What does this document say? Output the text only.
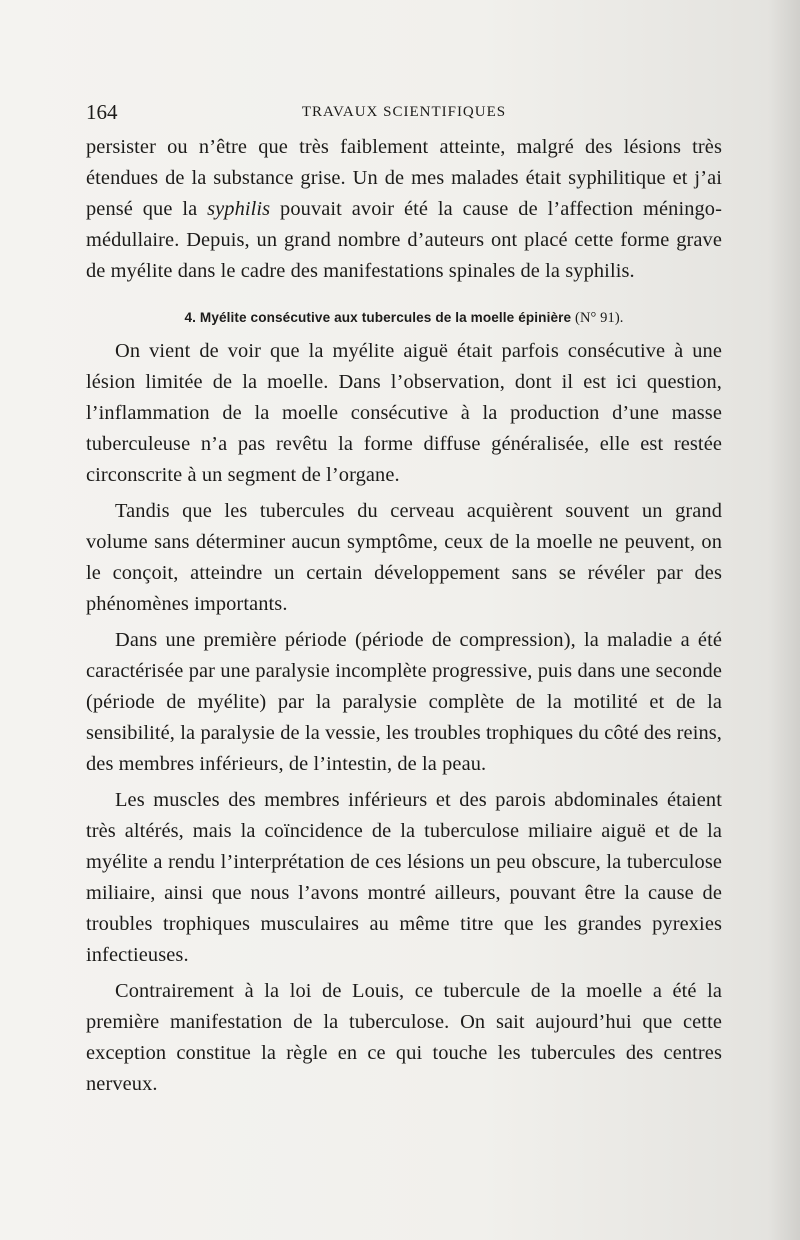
164	TRAVAUX SCIENTIFIQUES

persister ou n’être que très faiblement atteinte, malgré des lésions très étendues de la substance grise. Un de mes malades était syphilitique et j’ai pensé que la syphilis pouvait avoir été la cause de l’affection méningo-médullaire. Depuis, un grand nombre d’auteurs ont placé cette forme grave de myélite dans le cadre des manifestations spinales de la syphilis.

4. Myélite consécutive aux tubercules de la moelle épinière (N° 91).

On vient de voir que la myélite aiguë était parfois consécutive à une lésion limitée de la moelle. Dans l’observation, dont il est ici question, l’inflammation de la moelle consécutive à la production d’une masse tuberculeuse n’a pas revêtu la forme diffuse généralisée, elle est restée circonscrite à un segment de l’organe.

Tandis que les tubercules du cerveau acquièrent souvent un grand volume sans déterminer aucun symptôme, ceux de la moelle ne peuvent, on le conçoit, atteindre un certain développement sans se révéler par des phénomènes importants.

Dans une première période (période de compression), la maladie a été caractérisée par une paralysie incomplète progressive, puis dans une seconde (période de myélite) par la paralysie complète de la motilité et de la sensibilité, la paralysie de la vessie, les troubles trophiques du côté des reins, des membres inférieurs, de l’intestin, de la peau.

Les muscles des membres inférieurs et des parois abdominales étaient très altérés, mais la coïncidence de la tuberculose miliaire aiguë et de la myélite a rendu l’interprétation de ces lésions un peu obscure, la tuberculose miliaire, ainsi que nous l’avons montré ailleurs, pouvant être la cause de troubles trophiques musculaires au même titre que les grandes pyrexies infectieuses.

Contrairement à la loi de Louis, ce tubercule de la moelle a été la première manifestation de la tuberculose. On sait aujourd’hui que cette exception constitue la règle en ce qui touche les tubercules des centres nerveux.
